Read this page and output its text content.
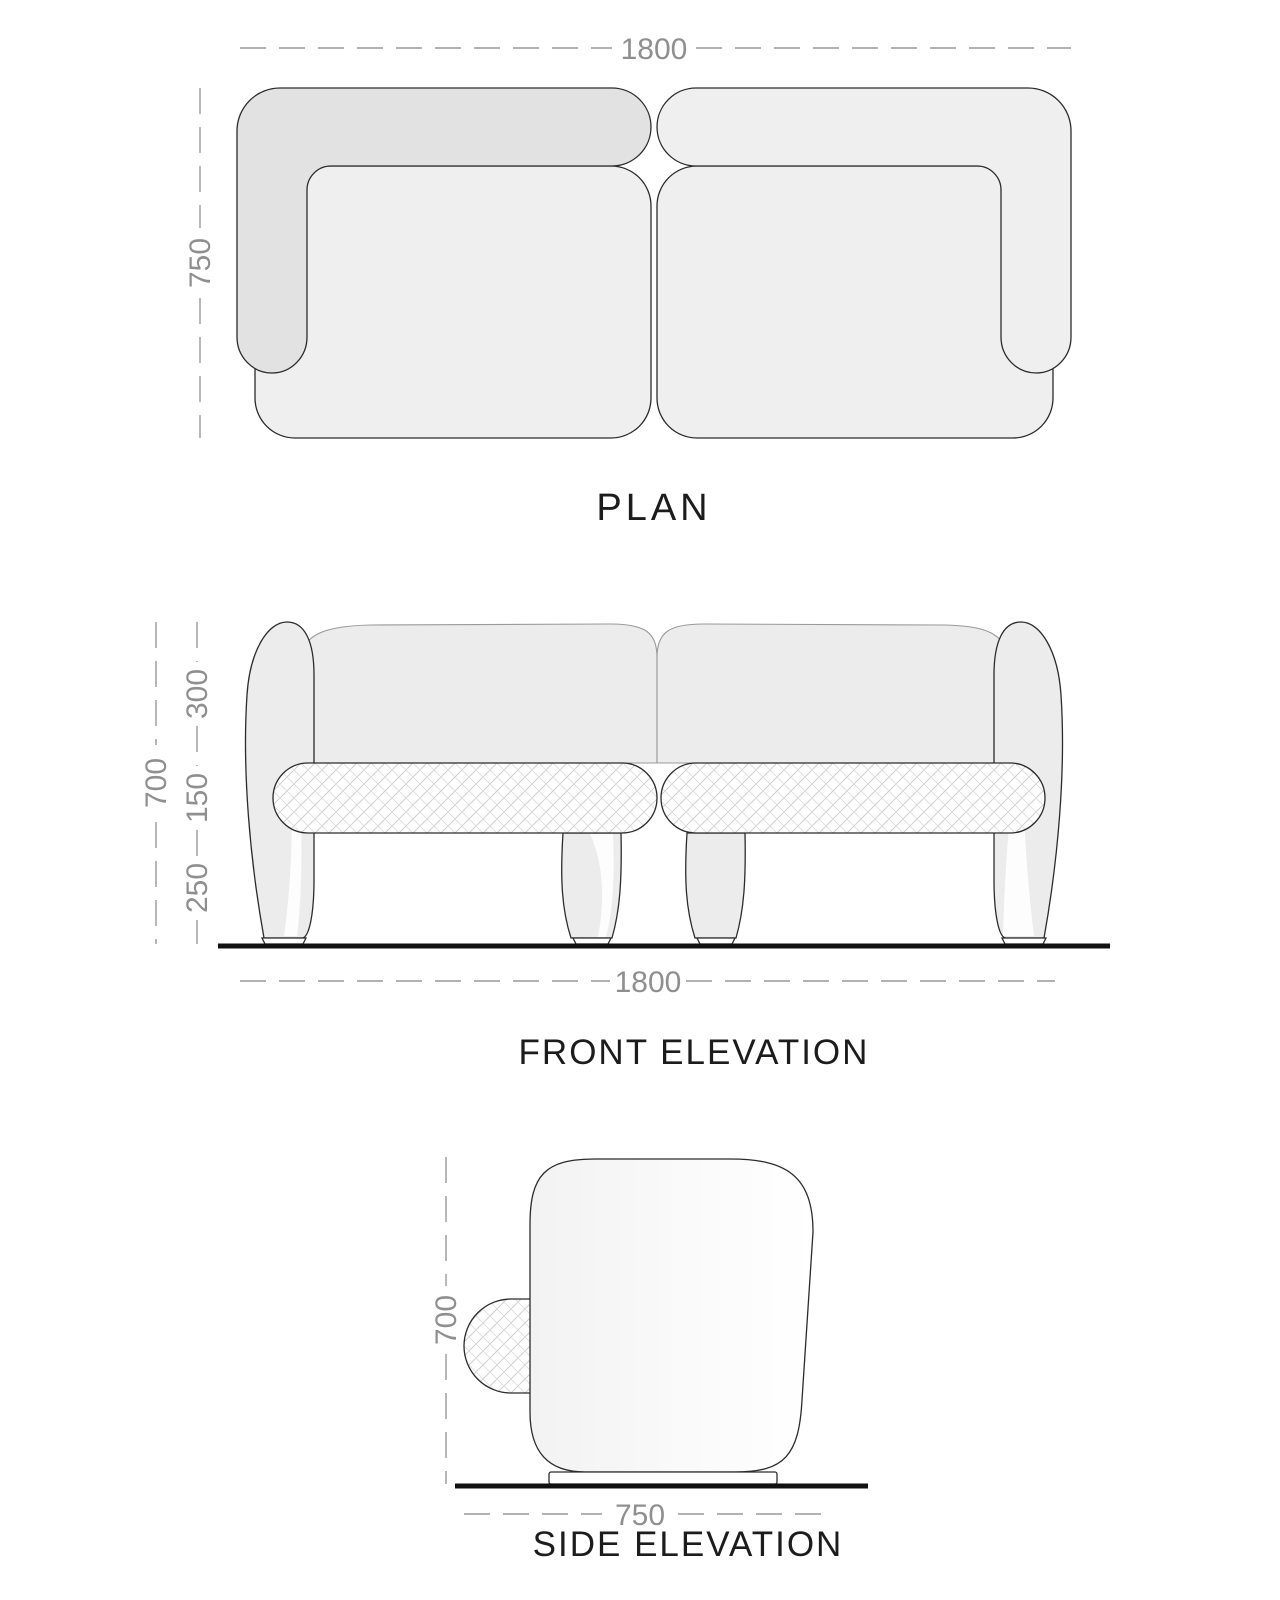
1800
750
PLAN
700
300
150
250
1800
FRONT ELEVATION
700
750
SIDE ELEVATION
